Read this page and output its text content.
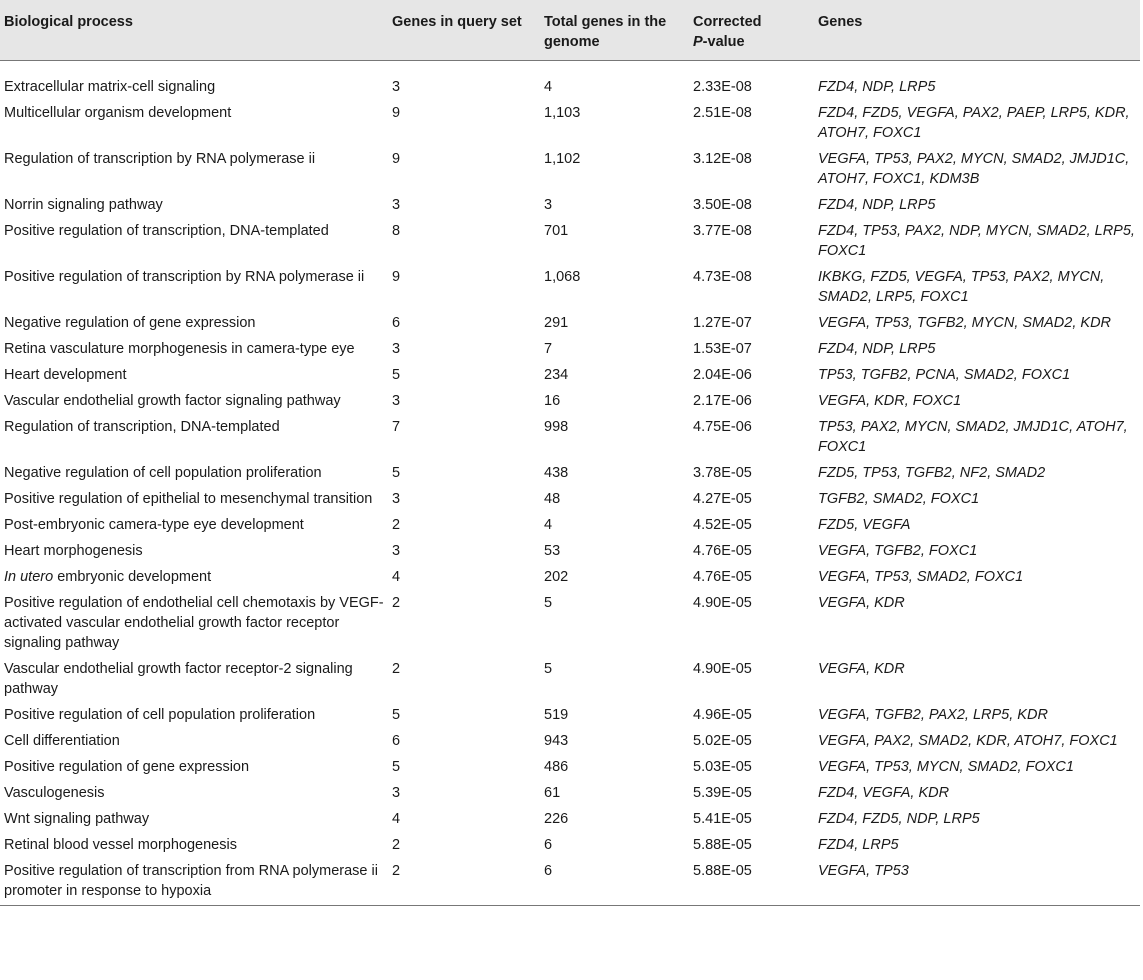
Biological process	Genes in query set	Total genes in the genome	Corrected
P-value	Genes
Extracellular matrix-cell signaling	3	4	2.33E-08	FZD4, NDP, LRP5
Multicellular organism development	9	1,103	2.51E-08	FZD4, FZD5, VEGFA, PAX2, PAEP, LRP5, KDR, ATOH7, FOXC1
Regulation of transcription by RNA polymerase ii	9	1,102	3.12E-08	VEGFA, TP53, PAX2, MYCN, SMAD2, JMJD1C, ATOH7, FOXC1, KDM3B
Norrin signaling pathway	3	3	3.50E-08	FZD4, NDP, LRP5
Positive regulation of transcription, DNA-templated	8	701	3.77E-08	FZD4, TP53, PAX2, NDP, MYCN, SMAD2, LRP5, FOXC1
Positive regulation of transcription by RNA polymerase ii	9	1,068	4.73E-08	IKBKG, FZD5, VEGFA, TP53, PAX2, MYCN, SMAD2, LRP5, FOXC1
Negative regulation of gene expression	6	291	1.27E-07	VEGFA, TP53, TGFB2, MYCN, SMAD2, KDR
Retina vasculature morphogenesis in camera-type eye	3	7	1.53E-07	FZD4, NDP, LRP5
Heart development	5	234	2.04E-06	TP53, TGFB2, PCNA, SMAD2, FOXC1
Vascular endothelial growth factor signaling pathway	3	16	2.17E-06	VEGFA, KDR, FOXC1
Regulation of transcription, DNA-templated	7	998	4.75E-06	TP53, PAX2, MYCN, SMAD2, JMJD1C, ATOH7, FOXC1
Negative regulation of cell population proliferation	5	438	3.78E-05	FZD5, TP53, TGFB2, NF2, SMAD2
Positive regulation of epithelial to mesenchymal transition	3	48	4.27E-05	TGFB2, SMAD2, FOXC1
Post-embryonic camera-type eye development	2	4	4.52E-05	FZD5, VEGFA
Heart morphogenesis	3	53	4.76E-05	VEGFA, TGFB2, FOXC1
In utero embryonic development	4	202	4.76E-05	VEGFA, TP53, SMAD2, FOXC1
Positive regulation of endothelial cell chemotaxis by VEGF-activated vascular endothelial growth factor receptor signaling pathway	2	5	4.90E-05	VEGFA, KDR
Vascular endothelial growth factor receptor-2 signaling pathway	2	5	4.90E-05	VEGFA, KDR
Positive regulation of cell population proliferation	5	519	4.96E-05	VEGFA, TGFB2, PAX2, LRP5, KDR
Cell differentiation	6	943	5.02E-05	VEGFA, PAX2, SMAD2, KDR, ATOH7, FOXC1
Positive regulation of gene expression	5	486	5.03E-05	VEGFA, TP53, MYCN, SMAD2, FOXC1
Vasculogenesis	3	61	5.39E-05	FZD4, VEGFA, KDR
Wnt signaling pathway	4	226	5.41E-05	FZD4, FZD5, NDP, LRP5
Retinal blood vessel morphogenesis	2	6	5.88E-05	FZD4, LRP5
Positive regulation of transcription from RNA polymerase ii promoter in response to hypoxia	2	6	5.88E-05	VEGFA, TP53
